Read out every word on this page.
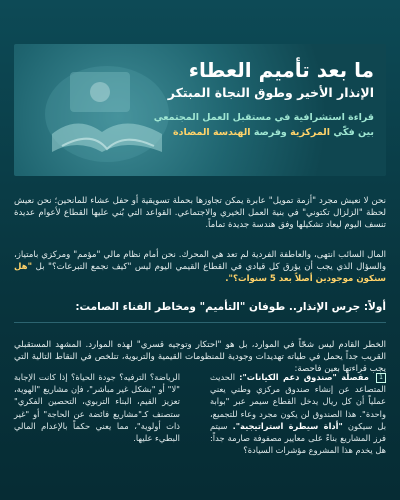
ما بعد تأميم العطاء
الإنذار الأخير وطوق النجاة المبتكر
قراءة استشرافية في مستقبل العمل المجتمعي
بين فكّي المركزية وفرصة الهندسة المضادة

نحن لا نعيش مجرد "أزمة تمويل" عابرة يمكن تجاوزها بحملة تسويقية أو حفل عشاء للمانحين؛ نحن نعيش لحظة "الزلزال تكتوني" في بنية العمل الخيري والاجتماعي. القواعد التي بُني عليها القطاع لأعوام عديدة تنسف اليوم ليعاد تشكيلها وفق هندسة جديدة تماماً.

المال السائب انتهى، والعاطفة الفردية لم تعد هي المحرك. نحن أمام نظام مالي "مؤمم" ومركزي بامتياز، والسؤال الذي يجب أن يؤرق كل قيادي في القطاع القيمي اليوم ليس "كيف نجمع التبرعات؟" بل "هل سنكون موجودين أصلاً بعد 5 سنوات؟".

أولاً: جرس الإنذار.. طوفان "التأميم" ومخاطر الفناء الصامت:

الخطر القادم ليس شحّاً في الموارد، بل هو "احتكار وتوجيه قسري" لهذه الموارد. المشهد المستقبلي القريب جداً يحمل في طياته تهديدات وجودية للمنظومات القيمية والتربوية، تتلخص في النقاط التالية التي يجب قراءتها بعين فاحصة:

1 مقصلة "صندوق دعم الكيانات": الحديث المتصاعد عن إنشاء صندوق مركزي وطني يعني عملياً أن كل ريال يدخل القطاع سيمر عبر "بوابة واحدة". هذا الصندوق لن يكون مجرد وعاء للتجميع، بل سيكون "أداة سيطرة استراتيجية". سيتم فرز المشاريع بناءً على معايير مصفوفة صارمة جداً: هل يخدم هذا المشروع مؤشرات السيادة؟
الرياضة؟ الترفيه؟ جودة الحياة؟ إذا كانت الإجابة "لا" أو "بشكل غير مباشر"، فإن مشاريع "الهوية، تعزيز القيم، البناء التربوي، التحصين الفكري" ستصنف كـ"مشاريع فائضة عن الحاجة" أو "غير ذات أولوية"، مما يعني حكماً بالإعدام المالي البطيء عليها.
